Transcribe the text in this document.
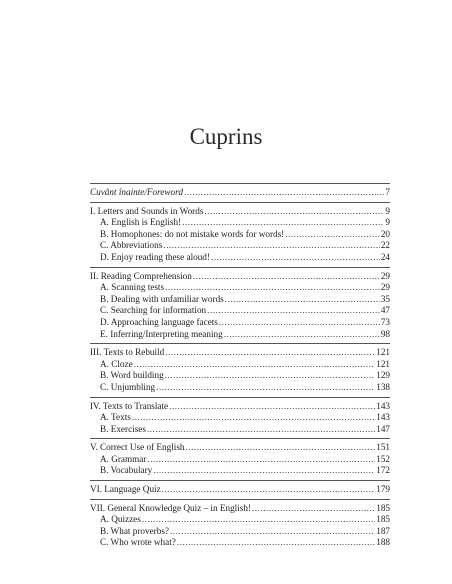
Cuprins
Cuvânt înainte/Foreword .....	7
I. Letters and Sounds in Words .....	9
A. English is English! .....	9
B. Homophones: do not mistake words for words! .....	20
C. Abbreviations .....	22
D. Enjoy reading these aloud! .....	24
II. Reading Comprehension .....	29
A. Scanning tests .....	29
B. Dealing with unfamiliar words .....	35
C. Searching for information .....	47
D. Approaching language facets .....	73
E. Inferring/Interpreting meaning .....	98
III. Texts to Rebuild .....	121
A. Cloze .....	121
B. Word building .....	129
C. Unjumbling .....	138
IV. Texts to Translate .....	143
A. Texts .....	143
B. Exercises .....	147
V. Correct Use of English .....	151
A. Grammar .....	152
B. Vocabulary .....	172
VI. Language Quiz .....	179
VII. General Knowledge Quiz – in English! .....	185
A. Quizzes .....	185
B. What proverbs? .....	187
C. Who wrote what? .....	188
